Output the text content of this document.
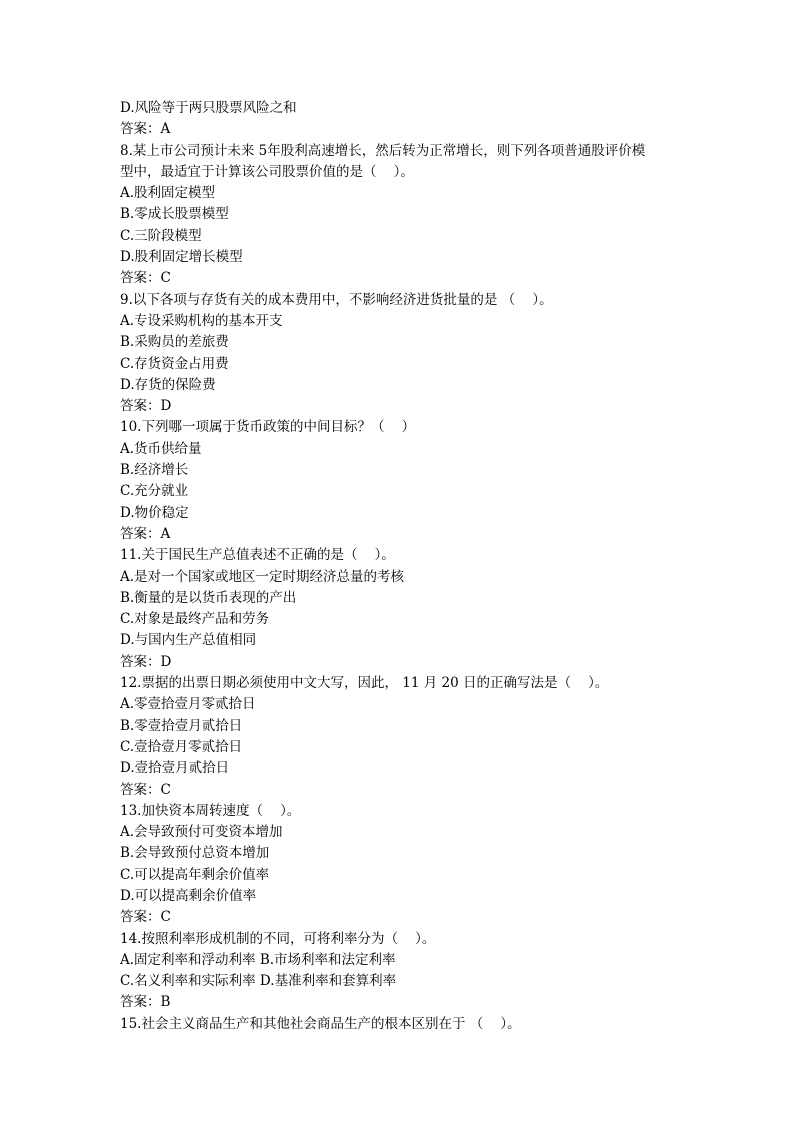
D.风险等于两只股票风险之和
答案：A
8.某上市公司预计未来 5年股利高速增长，然后转为正常增长，则下列各项普通股评价模
型中，最适宜于计算该公司股票价值的是（    ）。
A.股利固定模型
B.零成长股票模型
C.三阶段模型
D.股利固定增长模型
答案：C
9.以下各项与存货有关的成本费用中，不影响经济进货批量的是 （    ）。
A.专设采购机构的基本开支
B.采购员的差旅费
C.存货资金占用费
D.存货的保险费
答案：D
10.下列哪一项属于货币政策的中间目标？（    ）
A.货币供给量
B.经济增长
C.充分就业
D.物价稳定
答案：A
11.关于国民生产总值表述不正确的是（    ）。
A.是对一个国家或地区一定时期经济总量的考核
B.衡量的是以货币表现的产出
C.对象是最终产品和劳务
D.与国内生产总值相同
答案：D
12.票据的出票日期必须使用中文大写，因此， 11 月 20 日的正确写法是（    ）。
A.零壹拾壹月零贰拾日
B.零壹拾壹月贰拾日
C.壹拾壹月零贰拾日
D.壹拾壹月贰拾日
答案：C
13.加快资本周转速度（    ）。
A.会导致预付可变资本增加
B.会导致预付总资本增加
C.可以提高年剩余价值率
D.可以提高剩余价值率
答案：C
14.按照利率形成机制的不同，可将利率分为（    ）。
A.固定利率和浮动利率 B.市场利率和法定利率
C.名义利率和实际利率 D.基准利率和套算利率
答案：B
15.社会主义商品生产和其他社会商品生产的根本区别在于 （    ）。
